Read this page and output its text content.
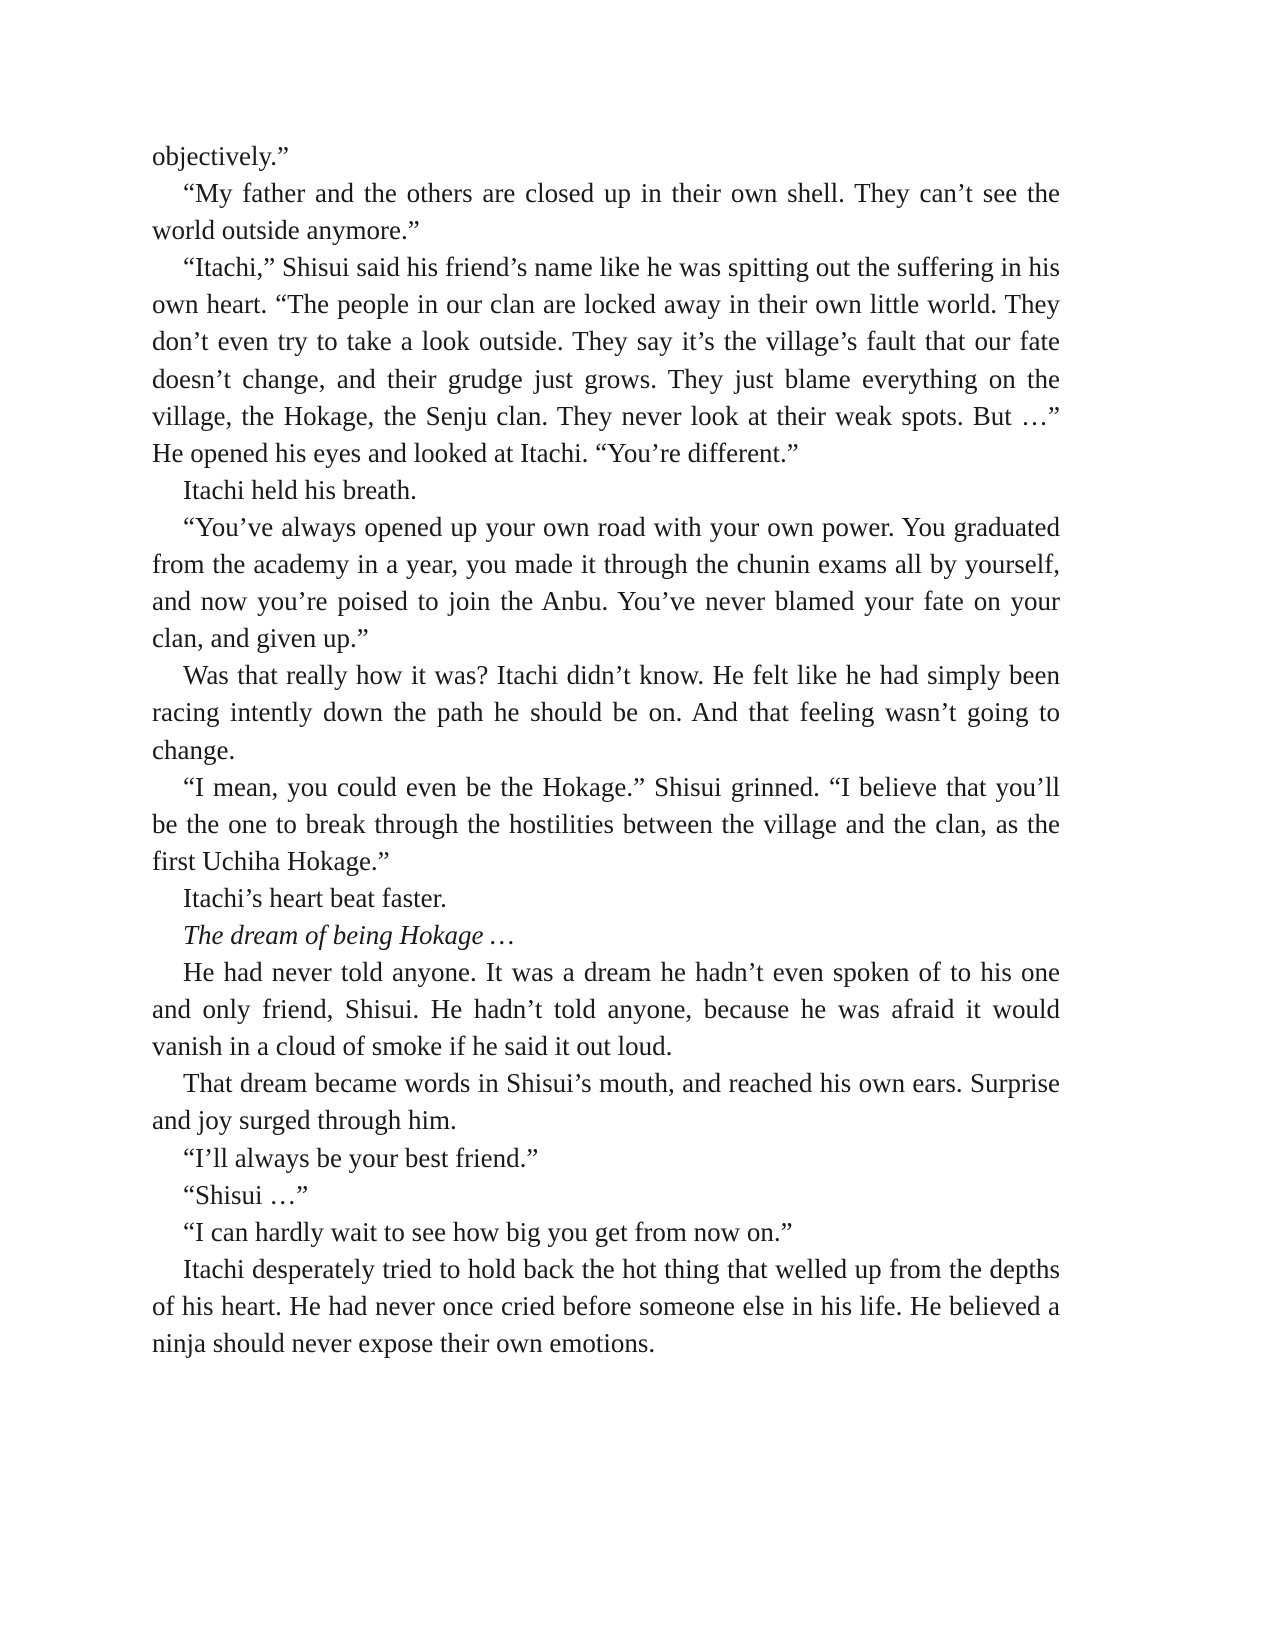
objectively.”

“My father and the others are closed up in their own shell. They can’t see the world outside anymore.”

“Itachi,” Shisui said his friend’s name like he was spitting out the suffering in his own heart. “The people in our clan are locked away in their own little world. They don’t even try to take a look outside. They say it’s the village’s fault that our fate doesn’t change, and their grudge just grows. They just blame everything on the village, the Hokage, the Senju clan. They never look at their weak spots. But …” He opened his eyes and looked at Itachi. “You’re different.”

Itachi held his breath.

“You’ve always opened up your own road with your own power. You graduated from the academy in a year, you made it through the chunin exams all by yourself, and now you’re poised to join the Anbu. You’ve never blamed your fate on your clan, and given up.”

Was that really how it was? Itachi didn’t know. He felt like he had simply been racing intently down the path he should be on. And that feeling wasn’t going to change.

“I mean, you could even be the Hokage.” Shisui grinned. “I believe that you’ll be the one to break through the hostilities between the village and the clan, as the first Uchiha Hokage.”

Itachi’s heart beat faster.

The dream of being Hokage …

He had never told anyone. It was a dream he hadn’t even spoken of to his one and only friend, Shisui. He hadn’t told anyone, because he was afraid it would vanish in a cloud of smoke if he said it out loud.

That dream became words in Shisui’s mouth, and reached his own ears. Surprise and joy surged through him.

“I’ll always be your best friend.”

“Shisui …”

“I can hardly wait to see how big you get from now on.”

Itachi desperately tried to hold back the hot thing that welled up from the depths of his heart. He had never once cried before someone else in his life. He believed a ninja should never expose their own emotions.
